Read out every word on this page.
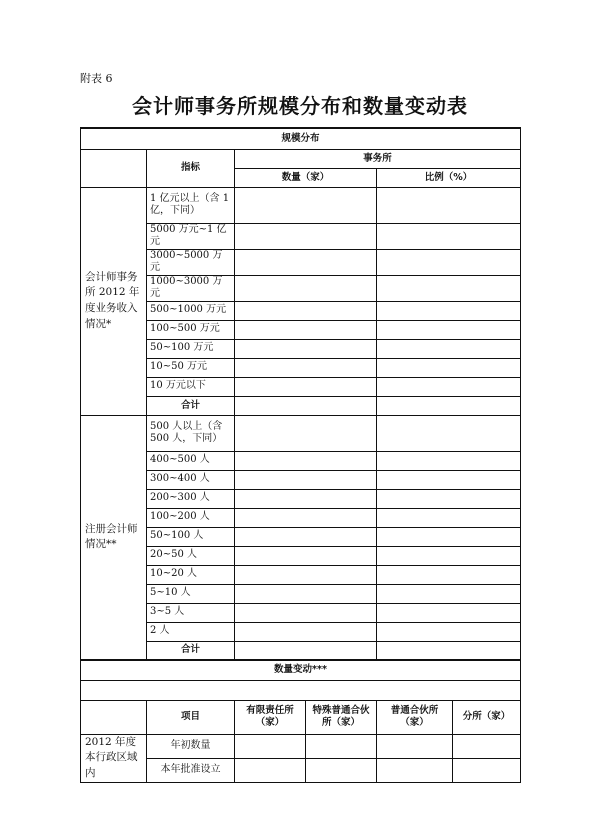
附表 6
会计师事务所规模分布和数量变动表
规模分布					
	指标	事务所			
		数量（家）		比例（%）	
会计师事务所 2012 年度业务收入情况*	1 亿元以上（含 1 亿，下同）				
	5000 万元~1 亿元				
	3000~5000 万元				
	1000~3000 万元				
	500~1000 万元				
	100~500 万元				
	50~100 万元				
	10~50 万元				
	10 万元以下				
	合计				
注册会计师情况**	500 人以上（含 500 人，下同）				
	400~500 人				
	300~400 人				
	200~300 人				
	100~200 人				
	50~100 人				
	20~50 人				
	10~20 人				
	5~10 人				
	3~5 人				
	2 人				
	合计				
数量变动***					

	项目	有限责任所（家）	特殊普通合伙所（家）	普通合伙所（家）	分所（家）
2012 年度本行政区域内	年初数量				
	本年批准设立				
